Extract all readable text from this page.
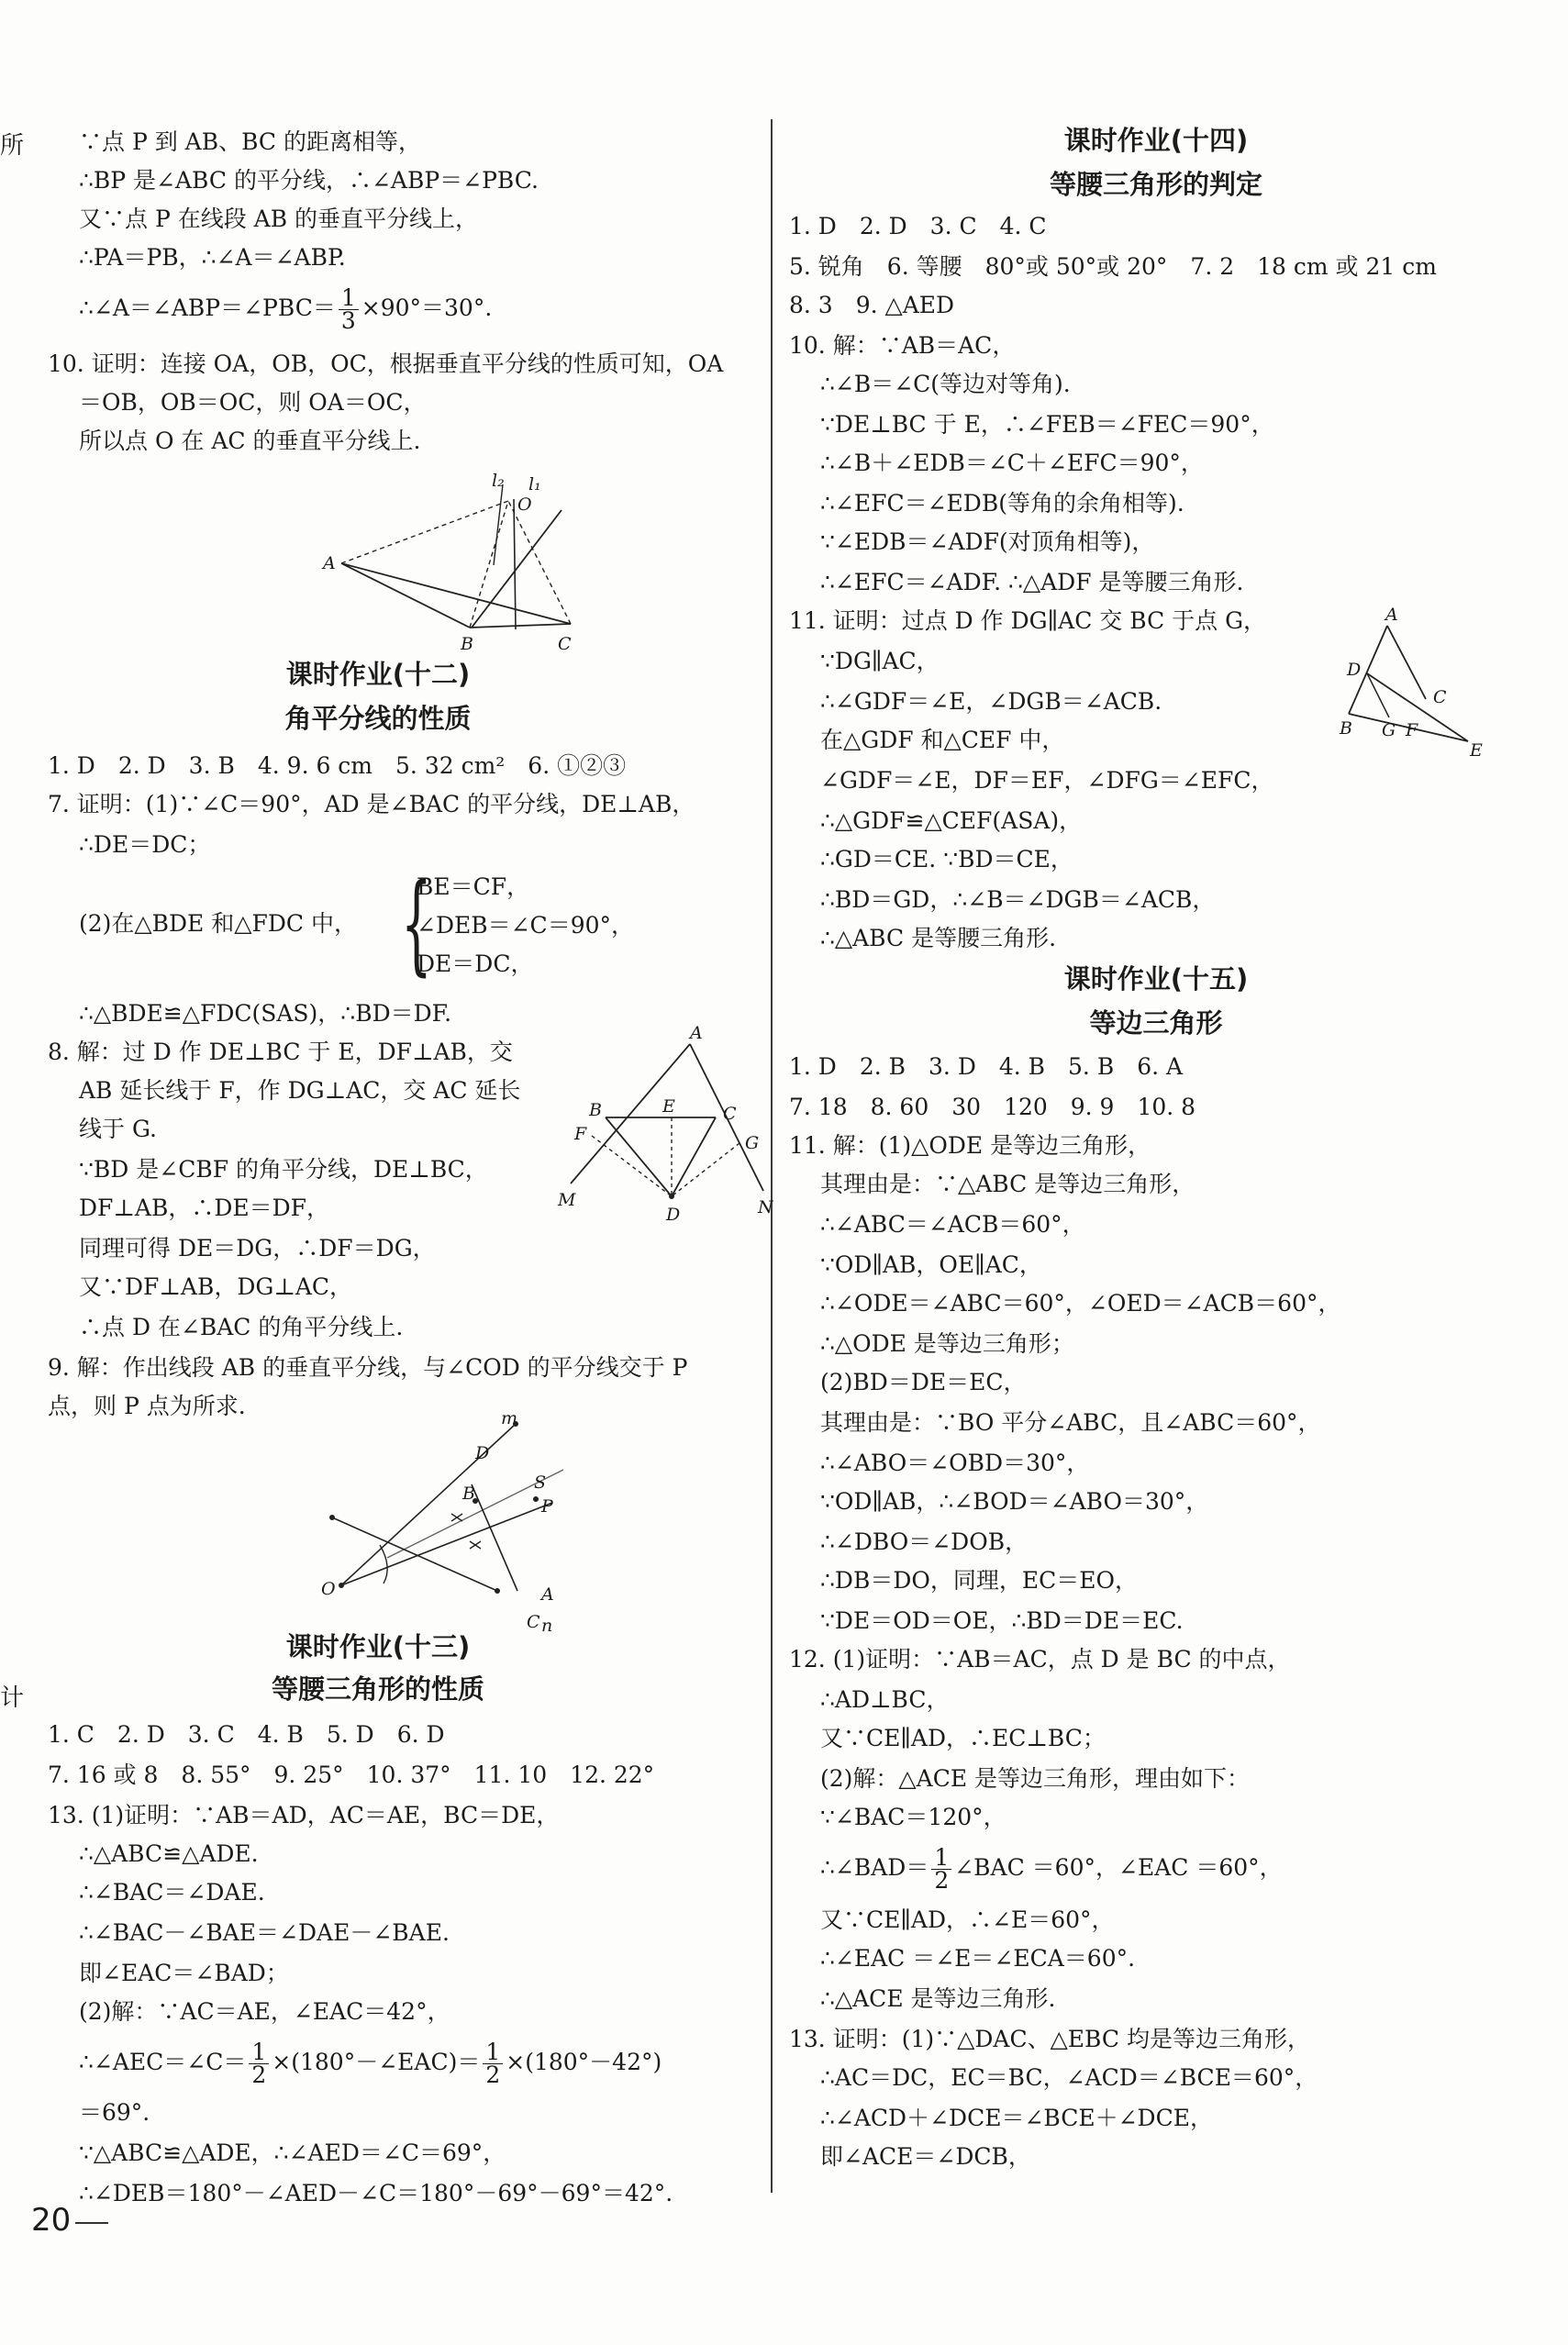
所
计
∵点 P 到 AB、BC 的距离相等，
∴BP 是∠ABC 的平分线，∴∠ABP＝∠PBC.
又∵点 P 在线段 AB 的垂直平分线上，
∴PA＝PB，∴∠A＝∠ABP.
∴∠A＝∠ABP＝∠PBC＝ $\frac{1}{3} \times 90^\circ=30^\circ$.
10. 证明：连接 OA，OB，OC，根据垂直平分线的性质可知，OA
＝OB，OB＝OC，则 OA＝OC，
所以点 O 在 AC 的垂直平分线上.
A
B	C
O
l₁
l₂
课时作业(十二)
角平分线的性质
1. D　2. D　3. B　4. 9. 6 cm　5. 32 cm²　6. ①②③
7. 证明：(1)∵∠C＝90°，AD 是∠BAC 的平分线，DE⊥AB，
∴DE＝DC；
(2)在△BDE 和△FDC 中， {
BE＝CF，
∠DEB＝∠C＝90°，
DE＝DC，
∴△BDE≌△FDC(SAS)，∴BD＝DF.
8. 解：过 D 作 DE⊥BC 于 E，DF⊥AB，交
AB 延长线于 F，作 DG⊥AC，交 AC 延长
线于 G.
∵BD 是∠CBF 的角平分线，DE⊥BC，
DF⊥AB，∴DE＝DF，
同理可得 DE＝DG，∴DF＝DG，
又∵DF⊥AB，DG⊥AC，
∴点 D 在∠BAC 的角平分线上.
A
B	C
D
E
F	G
M	N
9. 解：作出线段 AB 的垂直平分线，与∠COD 的平分线交于 P
点，则 P 点为所求.	m
D
B
S
P
O	A
C n
课时作业(十三)
等腰三角形的性质
1. C　2. D　3. C　4. B　5. D　6. D
7. 16 或 8　8. 55°　9. 25°　10. 37°　11. 10　12. 22°
13. (1)证明：∵AB＝AD，AC＝AE，BC＝DE，
∴△ABC≌△ADE.
∴∠BAC＝∠DAE.
∴∠BAC－∠BAE＝∠DAE－∠BAE.
即∠EAC＝∠BAD；
(2)解：∵AC＝AE，∠EAC＝42°，
∴∠AEC＝∠C＝ $\frac{1}{2}$ ×(180°－∠EAC)＝ $\frac{1}{2} \times(180^\circ-42^\circ)$
＝69°.
∵△ABC≌△ADE，∴∠AED＝∠C＝69°，
∴∠DEB＝180°－∠AED－∠C＝180°－69°－69°＝42°.
课时作业(十四)
等腰三角形的判定
1. D　2. D　3. C　4. C
5. 锐角　6. 等腰　80°或 50°或 20°　7. 2　18 cm 或 21 cm
8. 3　9. △AED
10. 解：∵AB＝AC，
∴∠B＝∠C(等边对等角).
∵DE⊥BC 于 E，∴∠FEB＝∠FEC＝90°，
∴∠B＋∠EDB＝∠C＋∠EFC＝90°，
∴∠EFC＝∠EDB(等角的余角相等).
∵∠EDB＝∠ADF(对顶角相等)，
∴∠EFC＝∠ADF. ∴△ADF 是等腰三角形.
11. 证明：过点 D 作 DG∥AC 交 BC 于点 G，
∵DG∥AC，
∴∠GDF＝∠E，∠DGB＝∠ACB.
在△GDF 和△CEF 中，
∠GDF＝∠E，DF＝EF，∠DFG＝∠EFC，
∴△GDF≌△CEF(ASA)，
∴GD＝CE. ∵BD＝CE，
∴BD＝GD，∴∠B＝∠DGB＝∠ACB，
∴△ABC 是等腰三角形.
A
D
B G F
C
E
课时作业(十五)
等边三角形
1. D　2. B　3. D　4. B　5. B　6. A
7. 18　8. 60　30　120　9. 9　10. 8
11. 解：(1)△ODE 是等边三角形，
其理由是：∵△ABC 是等边三角形，
∴∠ABC＝∠ACB＝60°，
∵OD∥AB，OE∥AC，
∴∠ODE＝∠ABC＝60°，∠OED＝∠ACB＝60°，
∴△ODE 是等边三角形；
(2)BD＝DE＝EC，
其理由是：∵BO 平分∠ABC，且∠ABC＝60°，
∴∠ABO＝∠OBD＝30°，
∵OD∥AB，∴∠BOD＝∠ABO＝30°，
∴∠DBO＝∠DOB，
∴DB＝DO，同理，EC＝EO，
∵DE＝OD＝OE，∴BD＝DE＝EC.
12. (1)证明：∵AB＝AC，点 D 是 BC 的中点，
∴AD⊥BC，
又∵CE∥AD，∴EC⊥BC；
(2)解：△ACE 是等边三角形，理由如下：
∵∠BAC＝120°，
∴∠BAD＝ $\frac{1}{2}$ ∠BAC ＝60°，∠EAC ＝60°，
又∵CE∥AD，∴∠E＝60°，
∴∠EAC ＝∠E＝∠ECA＝60°.
∴△ACE 是等边三角形.
13. 证明：(1)∵△DAC、△EBC 均是等边三角形，
∴AC＝DC，EC＝BC，∠ACD＝∠BCE＝60°，
∴∠ACD＋∠DCE＝∠BCE＋∠DCE，
即∠ACE＝∠DCB，
20
